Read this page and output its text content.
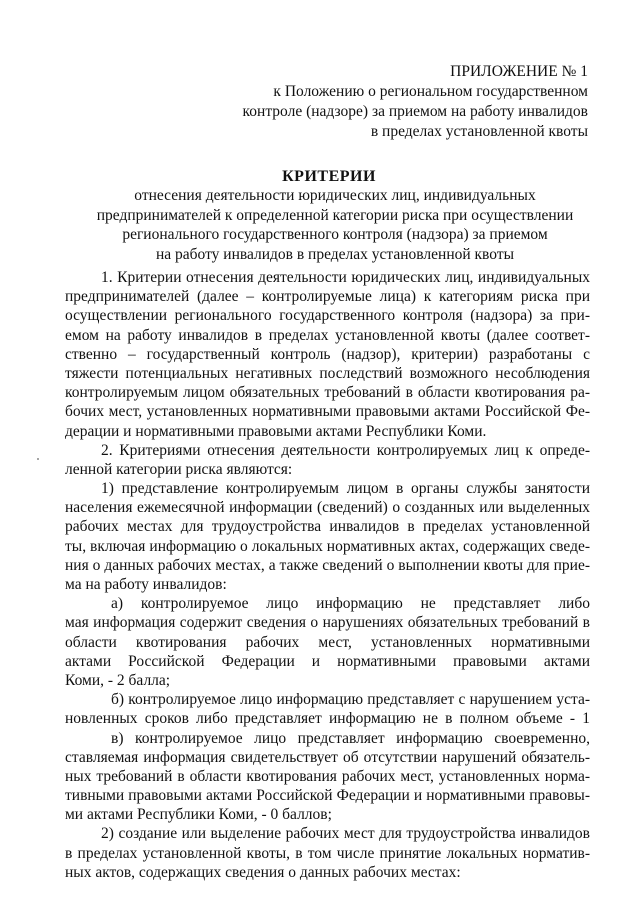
ПРИЛОЖЕНИЕ № 1
к Положению о региональном государственном
контроле (надзоре) за приемом на работу инвалидов
в пределах установленной квоты
КРИТЕРИИ
отнесения деятельности юридических лиц, индивидуальных
предпринимателей к определенной категории риска при осуществлении
регионального государственного контроля (надзора) за приемом
на работу инвалидов в пределах установленной квоты
1. Критерии отнесения деятельности юридических лиц, индивидуальных
предпринимателей (далее – контролируемые лица) к категориям риска при
осуществлении регионального государственного контроля (надзора) за при-
емом на работу инвалидов в пределах установленной квоты (далее соответ-
ственно – государственный контроль (надзор), критерии) разработаны с
тяжести потенциальных негативных последствий возможного несоблюдения
контролируемым лицом обязательных требований в области квотирования ра-
бочих мест, установленных нормативными правовыми актами Российской Фе-
дерации и нормативными правовыми актами Республики Коми.
2. Критериями отнесения деятельности контролируемых лиц к опреде-
ленной категории риска являются:
1) представление контролируемым лицом в органы службы занятости
населения ежемесячной информации (сведений) о созданных или выделенных
рабочих местах для трудоустройства инвалидов в пределах установленной
ты, включая информацию о локальных нормативных актах, содержащих сведе-
ния о данных рабочих местах, а также сведений о выполнении квоты для прие-
ма на работу инвалидов:
а) контролируемое лицо информацию не представляет либо
мая информация содержит сведения о нарушениях обязательных требований в
области квотирования рабочих мест, установленных нормативными
актами Российской Федерации и нормативными правовыми актами
Коми, - 2 балла;
б) контролируемое лицо информацию представляет с нарушением уста-
новленных сроков либо представляет информацию не в полном объеме - 1
в) контролируемое лицо представляет информацию своевременно,
ставляемая информация свидетельствует об отсутствии нарушений обязатель-
ных требований в области квотирования рабочих мест, установленных норма-
тивными правовыми актами Российской Федерации и нормативными правовы-
ми актами Республики Коми, - 0 баллов;
2) создание или выделение рабочих мест для трудоустройства инвалидов
в пределах установленной квоты, в том числе принятие локальных норматив-
ных актов, содержащих сведения о данных рабочих местах:
